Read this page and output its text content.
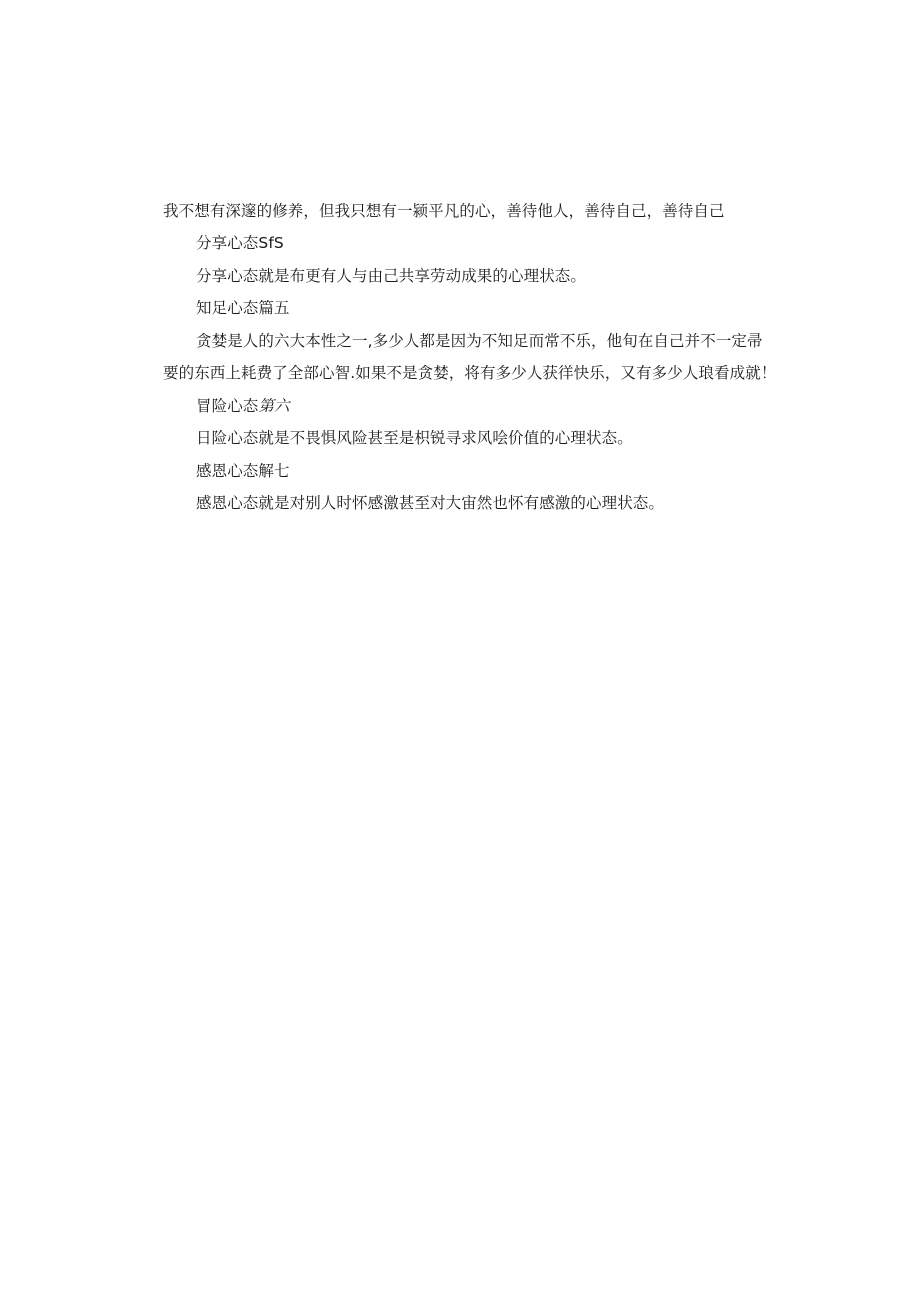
我不想有深邃的修养，但我只想有一颍平凡的心，善待他人，善待自己，善待自己
分享心态SfS
分享心态就是布更有人与由己共享劳动成果的心理状态。
知足心态篇五
贪婪是人的六大本性之一,多少人都是因为不知足而常不乐，他旬在自己并不一定帚
要的东西上耗费了全部心智.如果不是贪婪，将有多少人获徉快乐，又有多少人琅看成就！
冒险心态第六
日险心态就是不畏惧风险甚至是枳锐寻求风哙价值的心理状态。
感恩心态解七
感恩心态就是对别人时怀感激甚至对大宙然也怀有感激的心理状态。
